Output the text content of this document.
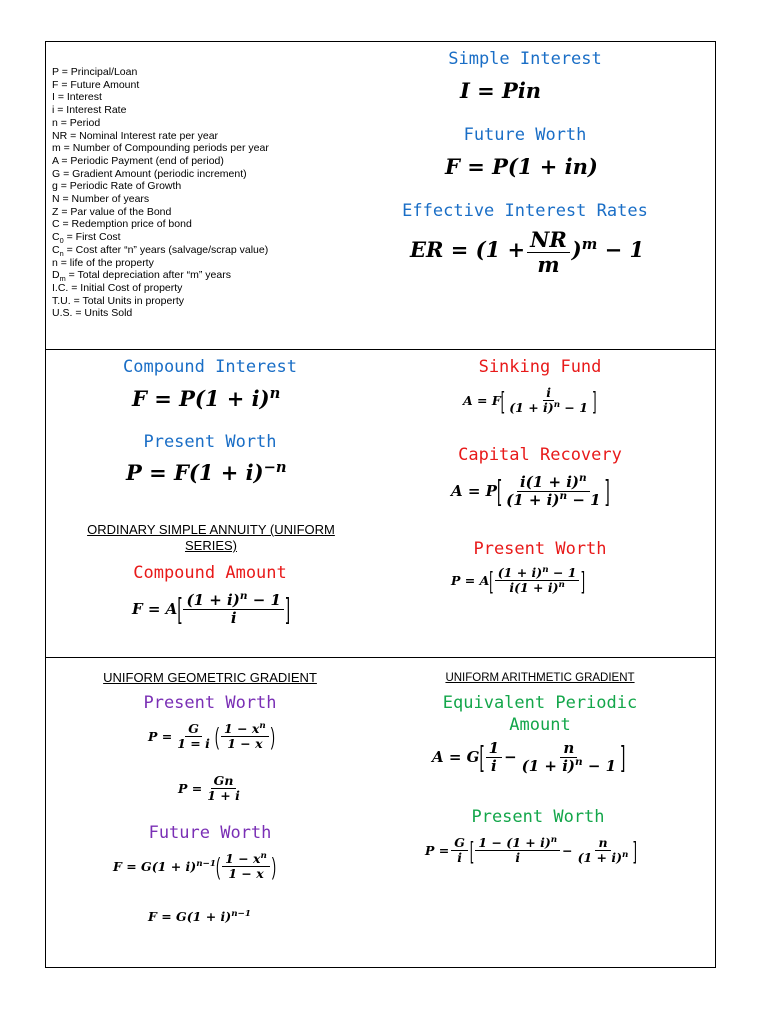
P = Principal/Loan
F = Future Amount
I = Interest
i = Interest Rate
n = Period
NR = Nominal Interest rate per year
m = Number of Compounding periods per year
A = Periodic Payment (end of period)
G = Gradient Amount (periodic increment)
g = Periodic Rate of Growth
N = Number of years
Z = Par value of the Bond
C = Redemption price of bond
$C_0$ = First Cost
$C_n$ = Cost after “n” years (salvage/scrap value)
n = life of the property
$D_m$ = Total depreciation after “m” years
I.C. = Initial Cost of property
T.U. = Total Units in property
U.S. = Units Sold
Simple Interest
I = Pin
Future Worth
F = P(1 + in)
Effective Interest Rates
ER = $(1 + \frac{NR}{m} )^m - 1$
Compound Interest
$F = P(1 + i)^n$
Present Worth
$P = F(1 + i)^{-n}$
ORDINARY SIMPLE ANNUITY (UNIFORM SERIES)
Compound Amount
$F = A[ \frac{(1 + i)^n - 1}{i}$ ]
Sinking Fund
$A = F[ \frac{i}{(1 + i)^n - 1}$ ]
Capital Recovery
$A = P[ \frac{i(1 + i)^n}{(1 + i)^n - 1}$ ]
Present Worth
$P = A[ \frac{(1 + i)^n - 1}{i(1 + i)^n}$ ]
UNIFORM GEOMETRIC GRADIENT
Present Worth
$P = \frac{G}{1 = i}$ ( $\frac{1 - x^n}{1 - x}$ )
$P = \frac{Gn}{1 + i}$
Future Worth
$F = G(1 + i)^{n-1}( \frac{1 - x^n}{1 - x}$ )
$F = G(1 + i)^{n-1}$
UNIFORM ARITHMETIC GRADIENT
Equivalent Periodic Amount
$A = G[ \frac{1}{i} - \frac{n}{(1 + i)^n - 1}$ ]
Present Worth
$P = \frac{G}{i}$ [ $\frac{1 - (1 + i)^n}{i} - \frac{n}{(1 + i)^n}$ ]
